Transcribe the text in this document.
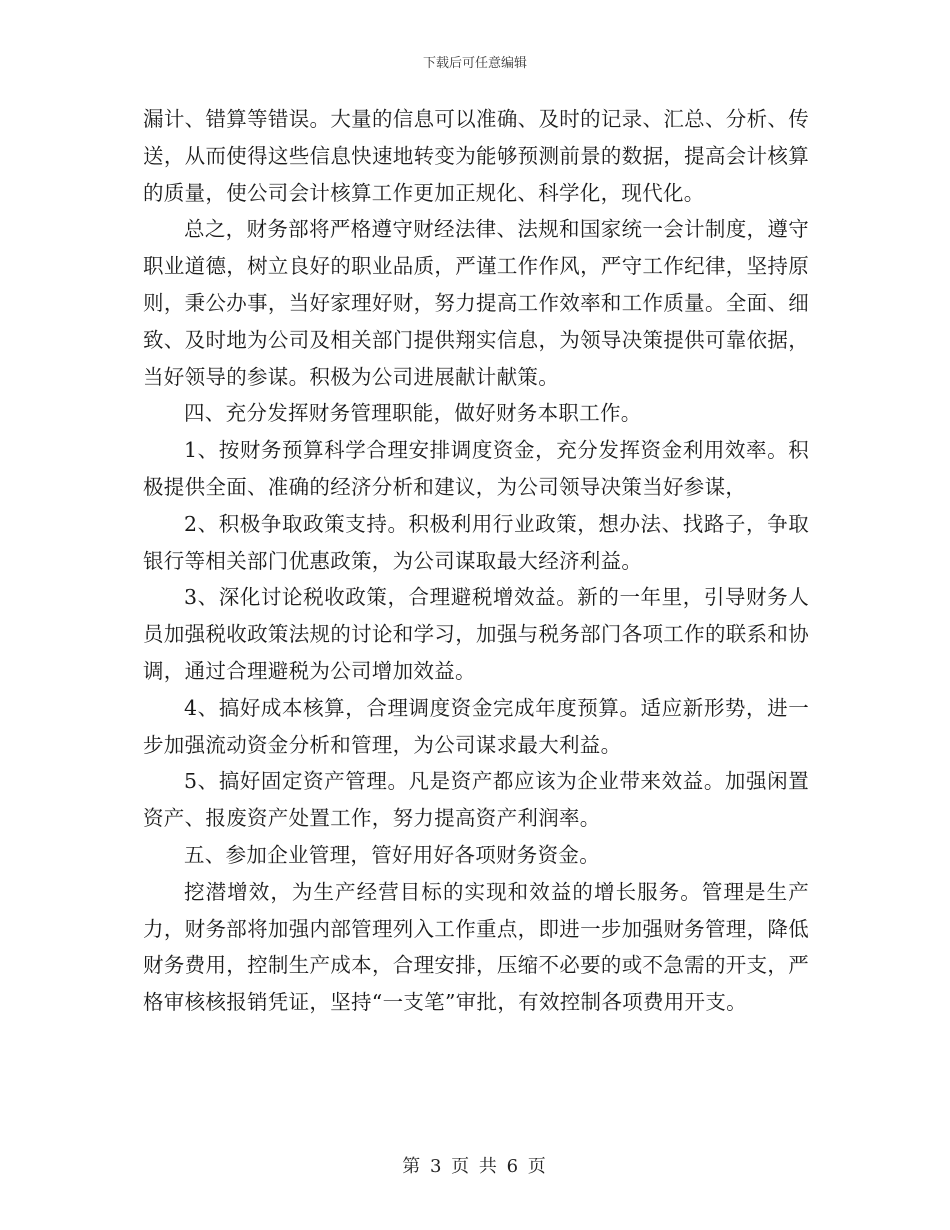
下载后可任意编辑

漏计、错算等错误。大量的信息可以准确、及时的记录、汇总、分析、传送，从而使得这些信息快速地转变为能够预测前景的数据，提高会计核算的质量，使公司会计核算工作更加正规化、科学化，现代化。

总之，财务部将严格遵守财经法律、法规和国家统一会计制度，遵守职业道德，树立良好的职业品质，严谨工作作风，严守工作纪律，坚持原则，秉公办事，当好家理好财，努力提高工作效率和工作质量。全面、细致、及时地为公司及相关部门提供翔实信息，为领导决策提供可靠依据，当好领导的参谋。积极为公司进展献计献策。

四、充分发挥财务管理职能，做好财务本职工作。

1、按财务预算科学合理安排调度资金，充分发挥资金利用效率。积极提供全面、准确的经济分析和建议，为公司领导决策当好参谋，

2、积极争取政策支持。积极利用行业政策，想办法、找路子，争取银行等相关部门优惠政策，为公司谋取最大经济利益。

3、深化讨论税收政策，合理避税增效益。新的一年里，引导财务人员加强税收政策法规的讨论和学习，加强与税务部门各项工作的联系和协调，通过合理避税为公司增加效益。

4、搞好成本核算，合理调度资金完成年度预算。适应新形势，进一步加强流动资金分析和管理，为公司谋求最大利益。

5、搞好固定资产管理。凡是资产都应该为企业带来效益。加强闲置资产、报废资产处置工作，努力提高资产利润率。

五、参加企业管理，管好用好各项财务资金。

挖潜增效，为生产经营目标的实现和效益的增长服务。管理是生产力，财务部将加强内部管理列入工作重点，即进一步加强财务管理，降低财务费用，控制生产成本，合理安排，压缩不必要的或不急需的开支，严格审核核报销凭证，坚持“一支笔”审批，有效控制各项费用开支。

第 3 页 共 6 页
